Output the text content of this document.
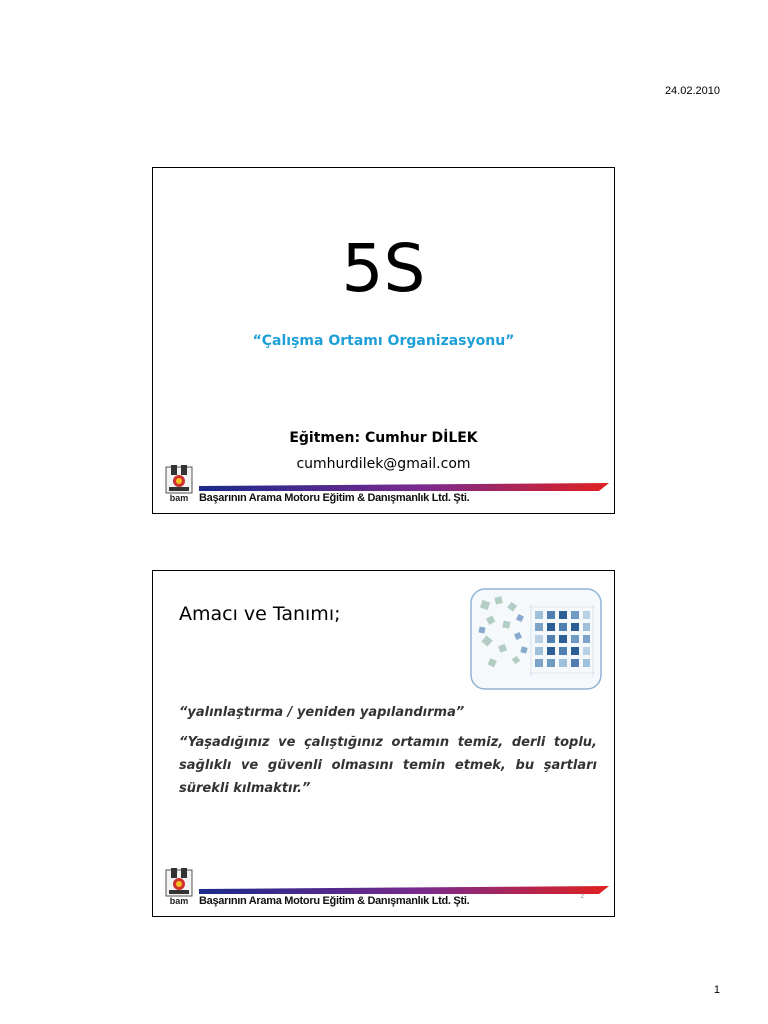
24.02.2010
5S
“Çalışma Ortamı Organizasyonu”
Eğitmen: Cumhur DİLEK
cumhurdilek@gmail.com
bam Başarının Arama Motoru Eğitim & Danışmanlık Ltd. Şti.
Amacı ve Tanımı;
“yalınlaştırma / yeniden yapılandırma”
“Yaşadığınız ve çalıştığınız ortamın temiz, derli toplu, sağlıklı ve güvenli olmasını temin etmek, bu şartları sürekli kılmaktır.”
bam Başarının Arama Motoru Eğitim & Danışmanlık Ltd. Şti.	2
1
